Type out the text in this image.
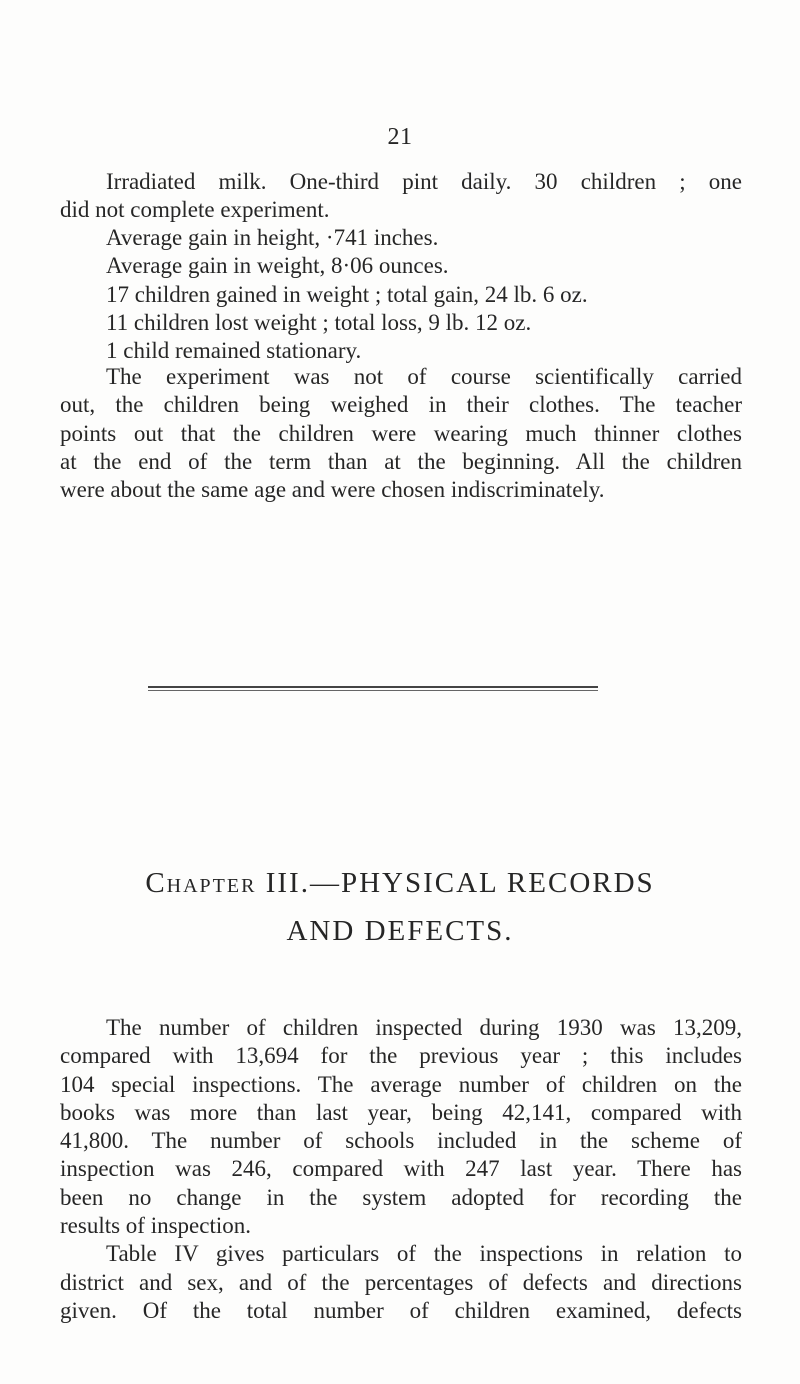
21
Irradiated milk. One-third pint daily. 30 children ; one
did not complete experiment.
Average gain in height, ·741 inches.
Average gain in weight, 8·06 ounces.
17 children gained in weight ; total gain, 24 lb. 6 oz.
11 children lost weight ; total loss, 9 lb. 12 oz.
1 child remained stationary.
The experiment was not of course scientifically carried
out, the children being weighed in their clothes. The teacher
points out that the children were wearing much thinner clothes
at the end of the term than at the beginning. All the children
were about the same age and were chosen indiscriminately.
Chapter III.—PHYSICAL RECORDS
AND DEFECTS.
The number of children inspected during 1930 was 13,209,
compared with 13,694 for the previous year ; this includes
104 special inspections. The average number of children on the
books was more than last year, being 42,141, compared with
41,800. The number of schools included in the scheme of
inspection was 246, compared with 247 last year. There has
been no change in the system adopted for recording the
results of inspection.
Table IV gives particulars of the inspections in relation to
district and sex, and of the percentages of defects and directions
given. Of the total number of children examined, defects
